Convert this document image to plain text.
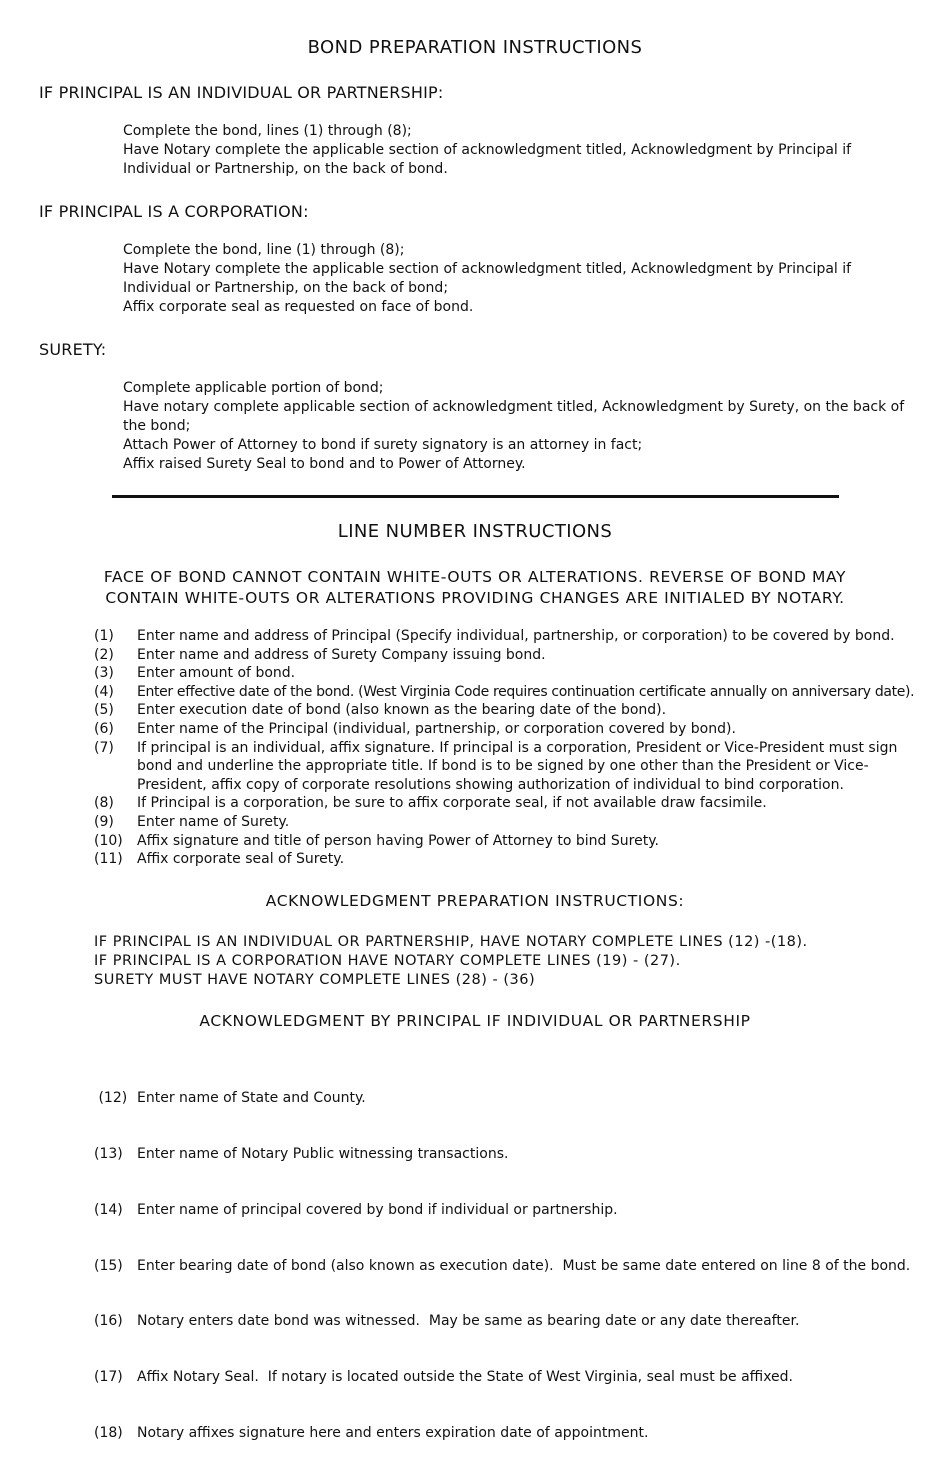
BOND PREPARATION INSTRUCTIONS
IF PRINCIPAL IS AN INDIVIDUAL OR PARTNERSHIP:

Complete the bond, lines (1) through (8);

Have Notary complete the applicable section of acknowledgment titled, Acknowledgment by Principal if Individual or Partnership, on the back of bond.

IF PRINCIPAL IS A CORPORATION:

Complete the bond, line (1) through (8);

Have Notary complete the applicable section of acknowledgment titled, Acknowledgment by Principal if Individual or Partnership, on the back of bond;

Affix corporate seal as requested on face of bond.

SURETY:

Complete applicable portion of bond;

Have notary complete applicable section of acknowledgment titled, Acknowledgment by Surety, on the back of the bond;

Attach Power of Attorney to bond if surety signatory is an attorney in fact;

Affix raised Surety Seal to bond and to Power of Attorney.

LINE NUMBER INSTRUCTIONS
FACE OF BOND CANNOT CONTAIN WHITE-OUTS OR ALTERATIONS. REVERSE OF BOND MAY
CONTAIN WHITE-OUTS OR ALTERATIONS PROVIDING CHANGES ARE INITIALED BY NOTARY.
(1)	Enter name and address of Principal (Specify individual, partnership, or corporation) to be covered by bond.
(2)	Enter name and address of Surety Company issuing bond.
(3)	Enter amount of bond.
(4)	Enter effective date of the bond. (West Virginia Code requires continuation certificate annually on anniversary date).
(5)	Enter execution date of bond (also known as the bearing date of the bond).
(6)	Enter name of the Principal (individual, partnership, or corporation covered by bond).
(7)	If principal is an individual, affix signature. If principal is a corporation, President or Vice-President must sign bond and underline the appropriate title. If bond is to be signed by one other than the President or Vice-President, affix copy of corporate resolutions showing authorization of individual to bind corporation.
(8)	If Principal is a corporation, be sure to affix corporate seal, if not available draw facsimile.
(9)	Enter name of Surety.
(10)	Affix signature and title of person having Power of Attorney to bind Surety.
(11)	Affix corporate seal of Surety.
ACKNOWLEDGMENT PREPARATION INSTRUCTIONS:
IF PRINCIPAL IS AN INDIVIDUAL OR PARTNERSHIP, HAVE NOTARY COMPLETE LINES (12) -(18).
IF PRINCIPAL IS A CORPORATION HAVE NOTARY COMPLETE LINES (19) - (27).
SURETY MUST HAVE NOTARY COMPLETE LINES (28) - (36)
ACKNOWLEDGMENT BY PRINCIPAL IF INDIVIDUAL OR PARTNERSHIP

(12) Enter name of State and County.

(13)	Enter name of Notary Public witnessing transactions.

(14)	Enter name of principal covered by bond if individual or partnership.

(15)	Enter bearing date of bond (also known as execution date).  Must be same date entered on line 8 of the bond.

(16)	Notary enters date bond was witnessed.  May be same as bearing date or any date thereafter.

(17)	Affix Notary Seal.  If notary is located outside the State of West Virginia, seal must be affixed.

(18)	Notary affixes signature here and enters expiration date of appointment.
